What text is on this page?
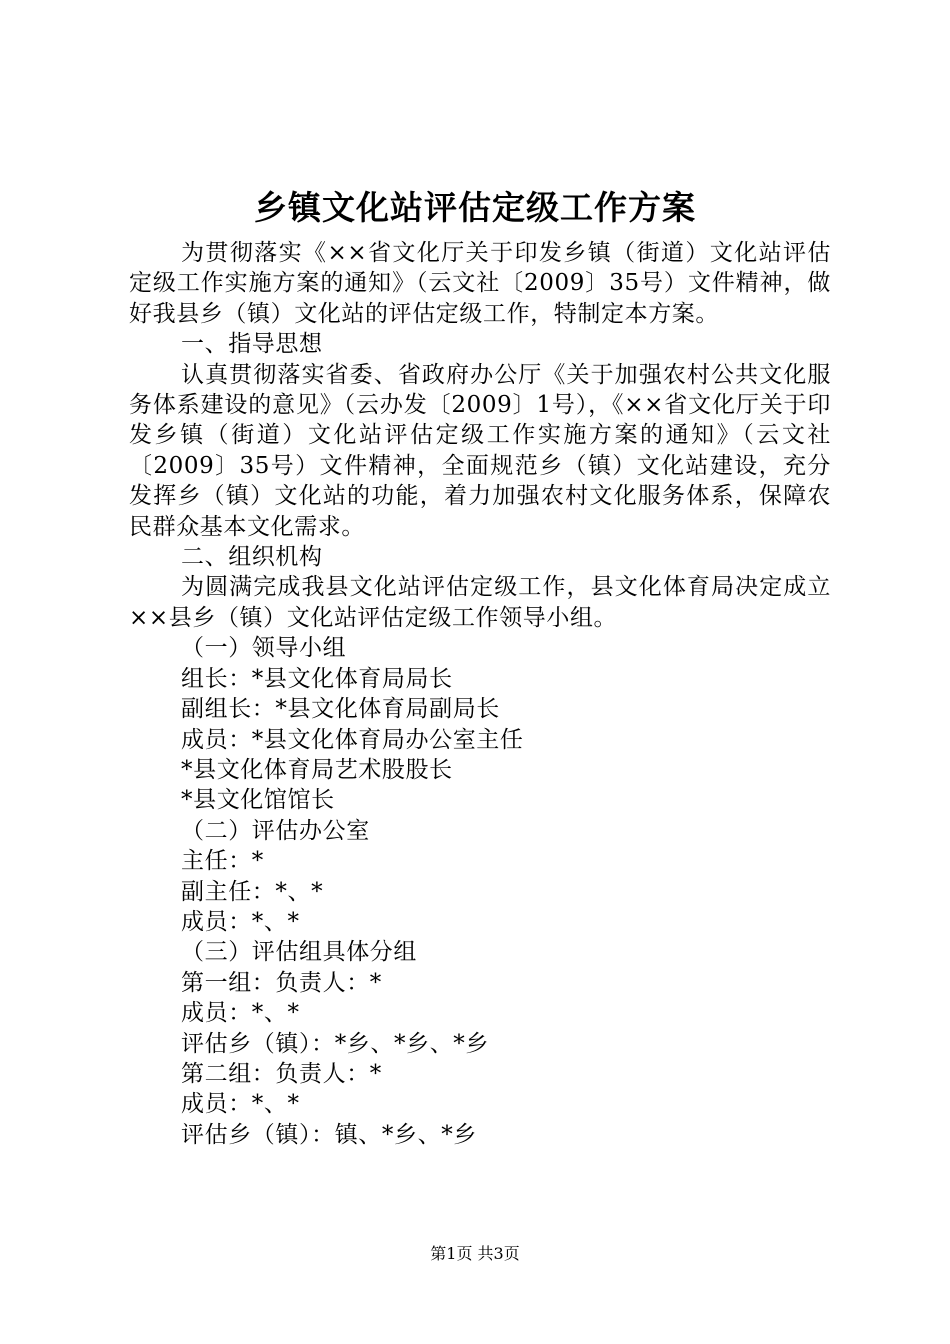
乡镇文化站评估定级工作方案

为贯彻落实《××省文化厅关于印发乡镇（街道）文化站评估定级工作实施方案的通知》（云文社〔2009〕35号）文件精神，做好我县乡（镇）文化站的评估定级工作，特制定本方案。

一、指导思想

认真贯彻落实省委、省政府办公厅《关于加强农村公共文化服务体系建设的意见》（云办发〔2009〕1号），《××省文化厅关于印发乡镇（街道）文化站评估定级工作实施方案的通知》（云文社〔2009〕35号）文件精神，全面规范乡（镇）文化站建设，充分发挥乡（镇）文化站的功能，着力加强农村文化服务体系，保障农民群众基本文化需求。

二、组织机构

为圆满完成我县文化站评估定级工作，县文化体育局决定成立××县乡（镇）文化站评估定级工作领导小组。

（一）领导小组

组长：*县文化体育局局长

副组长：*县文化体育局副局长

成员：*县文化体育局办公室主任

*县文化体育局艺术股股长

*县文化馆馆长

（二）评估办公室

主任：*

副主任：*、*

成员：*、*

（三）评估组具体分组

第一组：负责人：*

成员：*、*

评估乡（镇）：*乡、*乡、*乡

第二组：负责人：*

成员：*、*

评估乡（镇）：镇、*乡、*乡

第1页 共3页
